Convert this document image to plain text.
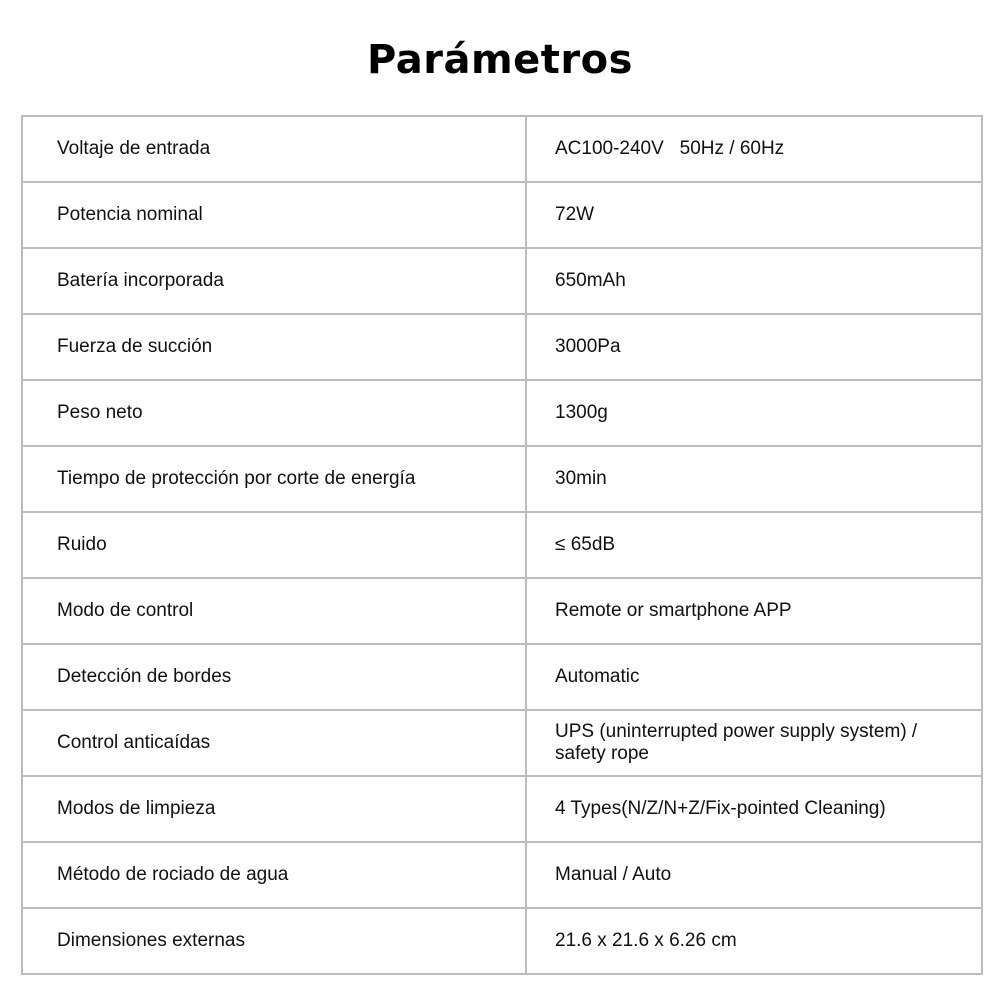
Parámetros
Voltaje de entrada	AC100-240V   50Hz / 60Hz

Potencia nominal	72W

Batería incorporada	650mAh

Fuerza de succión	3000Pa

Peso neto	1300g

Tiempo de protección por corte de energía	30min

Ruido	≤ 65dB

Modo de control	Remote or smartphone APP

Detección de bordes	Automatic

Control anticaídas	UPS (uninterrupted power supply system) / safety rope

Modos de limpieza	4 Types(N/Z/N+Z/Fix-pointed Cleaning)

Método de rociado de agua	Manual / Auto

Dimensiones externas	21.6 x 21.6 x 6.26 cm
